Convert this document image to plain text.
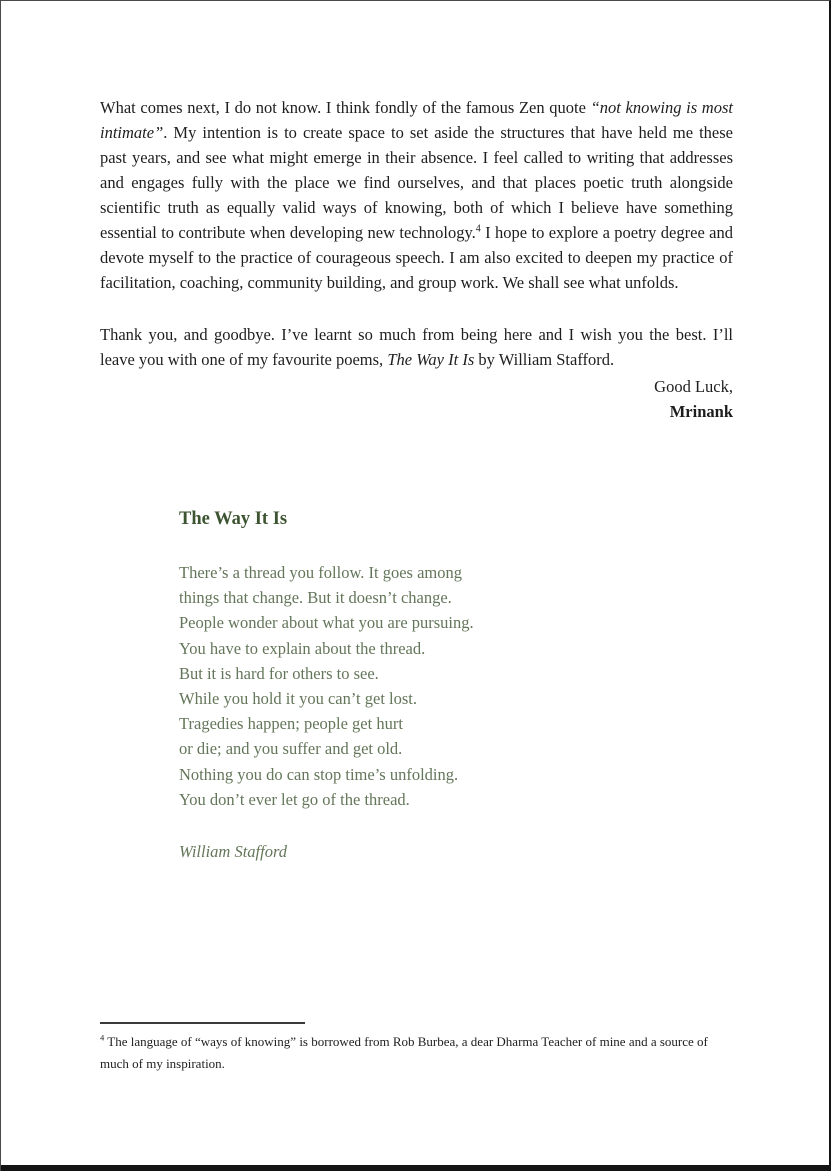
What comes next, I do not know. I think fondly of the famous Zen quote “not knowing is most intimate”. My intention is to create space to set aside the structures that have held me these past years, and see what might emerge in their absence. I feel called to writing that addresses and engages fully with the place we find ourselves, and that places poetic truth alongside scientific truth as equally valid ways of knowing, both of which I believe have something essential to contribute when developing new technology.$^4$ I hope to explore a poetry degree and devote myself to the practice of courageous speech. I am also excited to deepen my practice of facilitation, coaching, community building, and group work. We shall see what unfolds.

Thank you, and goodbye. I’ve learnt so much from being here and I wish you the best. I’ll leave you with one of my favourite poems, The Way It Is by William Stafford.

Good Luck,
Mrinank
The Way It Is
There’s a thread you follow. It goes among
things that change. But it doesn’t change.
People wonder about what you are pursuing.
You have to explain about the thread.
But it is hard for others to see.
While you hold it you can’t get lost.
Tragedies happen; people get hurt
or die; and you suffer and get old.
Nothing you do can stop time’s unfolding.
You don’t ever let go of the thread.
William Stafford
$^4$ The language of “ways of knowing” is borrowed from Rob Burbea, a dear Dharma Teacher of mine and a source of much of my inspiration.
